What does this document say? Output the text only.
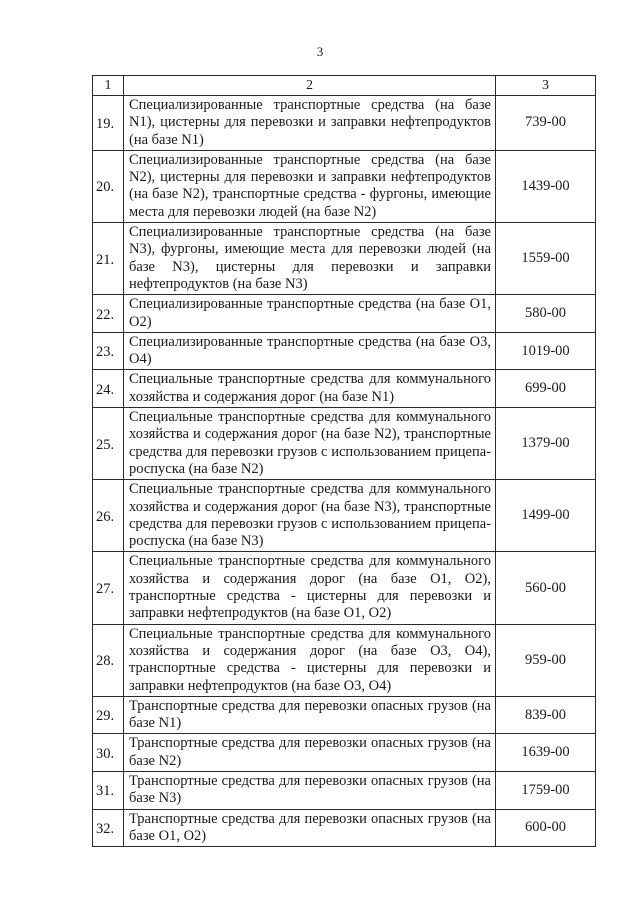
3
1	2	3
19.	Специализированные транспортные средства (на базе N1), цистерны для перевозки и заправки нефтепродуктов (на базе N1)	739-00
20.	Специализированные транспортные средства (на базе N2), цистерны для перевозки и заправки нефтепродуктов (на базе N2), транспортные средства - фургоны, имеющие места для перевозки людей (на базе N2)	1439-00
21.	Специализированные транспортные средства (на базе N3), фургоны, имеющие места для перевозки людей (на базе N3), цистерны для перевозки и заправки нефтепродуктов (на базе N3)	1559-00
22.	Специализированные транспортные средства (на базе O1, O2)	580-00
23.	Специализированные транспортные средства (на базе O3, O4)	1019-00
24.	Специальные транспортные средства для коммунального хозяйства и содержания дорог (на базе N1)	699-00
25.	Специальные транспортные средства для коммунального хозяйства и содержания дорог (на базе N2), транспортные средства для перевозки грузов с использованием прицепа-роспуска (на базе N2)	1379-00
26.	Специальные транспортные средства для коммунального хозяйства и содержания дорог (на базе N3), транспортные средства для перевозки грузов с использованием прицепа-роспуска (на базе N3)	1499-00
27.	Специальные транспортные средства для коммунального хозяйства и содержания дорог (на базе O1, O2), транспортные средства - цистерны для перевозки и заправки нефтепродуктов (на базе O1, O2)	560-00
28.	Специальные транспортные средства для коммунального хозяйства и содержания дорог (на базе O3, O4), транспортные средства - цистерны для перевозки и заправки нефтепродуктов (на базе O3, O4)	959-00
29.	Транспортные средства для перевозки опасных грузов (на базе N1)	839-00
30.	Транспортные средства для перевозки опасных грузов (на базе N2)	1639-00
31.	Транспортные средства для перевозки опасных грузов (на базе N3)	1759-00
32.	Транспортные средства для перевозки опасных грузов (на базе O1, O2)	600-00
